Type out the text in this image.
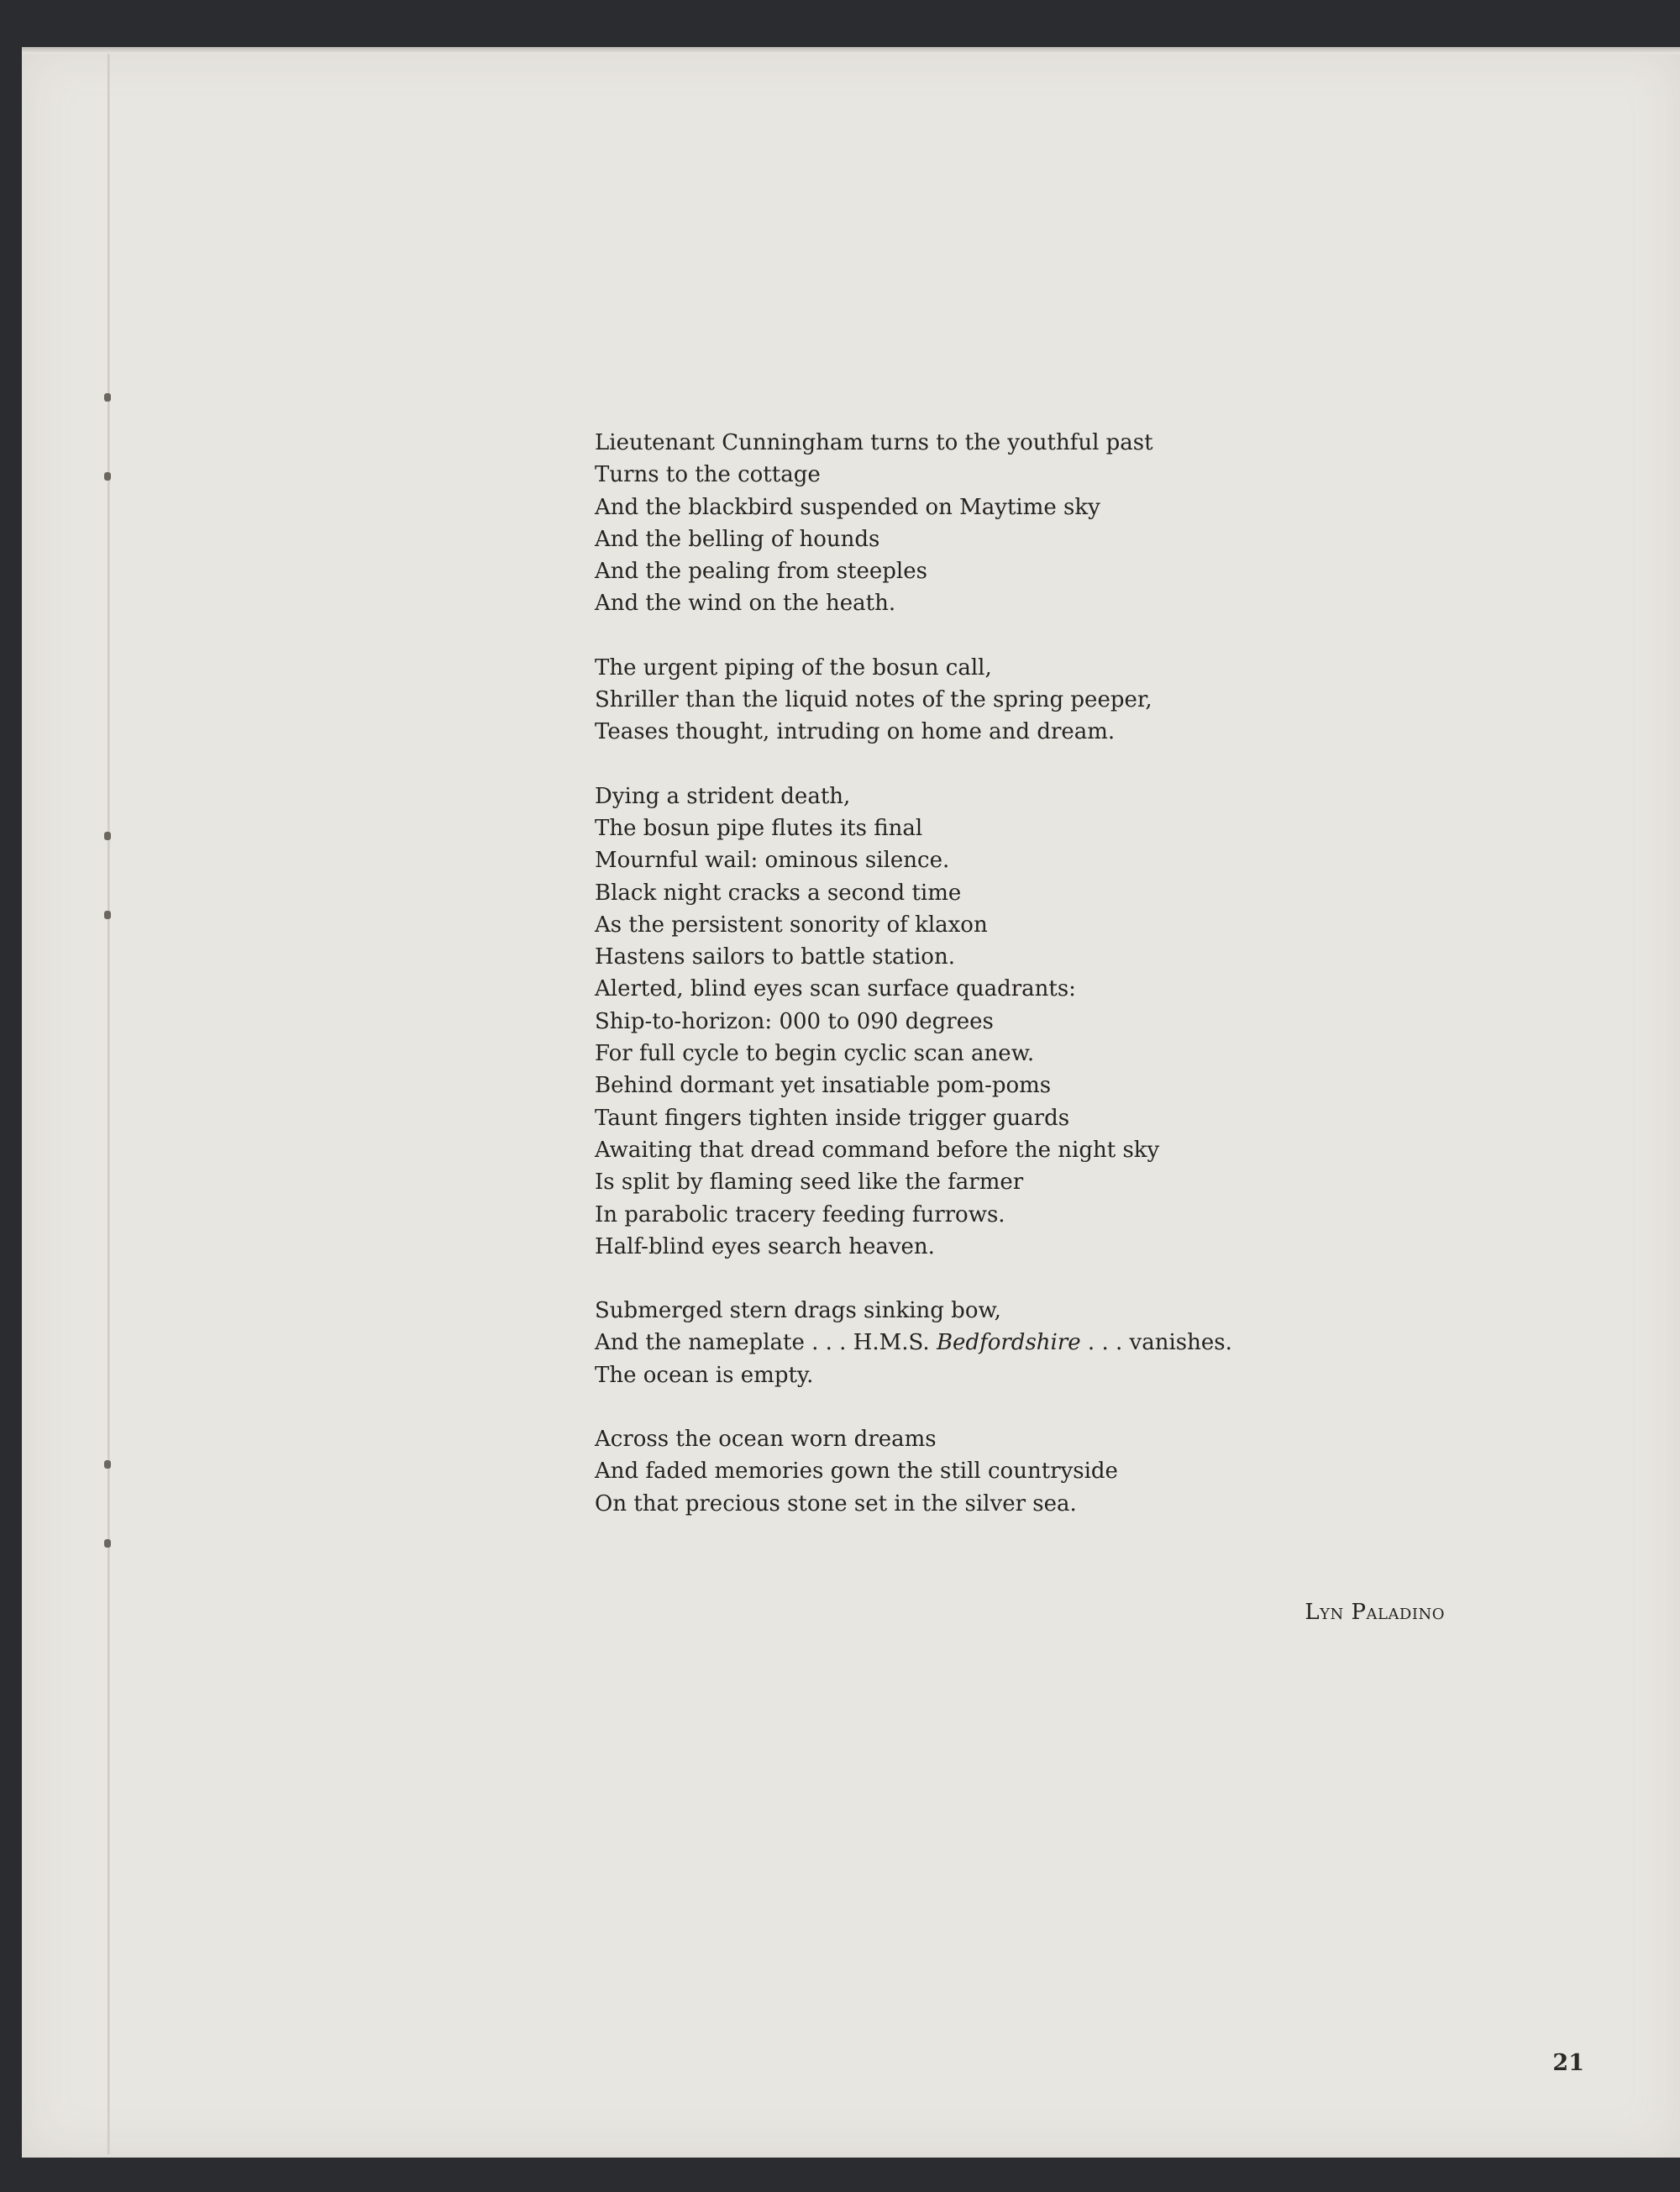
Lieutenant Cunningham turns to the youthful past
Turns to the cottage
And the blackbird suspended on Maytime sky
And the belling of hounds
And the pealing from steeples
And the wind on the heath.
The urgent piping of the bosun call,
Shriller than the liquid notes of the spring peeper,
Teases thought, intruding on home and dream.
Dying a strident death,
The bosun pipe flutes its final
Mournful wail: ominous silence.
Black night cracks a second time
As the persistent sonority of klaxon
Hastens sailors to battle station.
Alerted, blind eyes scan surface quadrants:
Ship-to-horizon: 000 to 090 degrees
For full cycle to begin cyclic scan anew.
Behind dormant yet insatiable pom-poms
Taunt fingers tighten inside trigger guards
Awaiting that dread command before the night sky
Is split by flaming seed like the farmer
In parabolic tracery feeding furrows.
Half-blind eyes search heaven.
Submerged stern drags sinking bow,
And the nameplate . . . H.M.S. Bedfordshire . . . vanishes.
The ocean is empty.
Across the ocean worn dreams
And faded memories gown the still countryside
On that precious stone set in the silver sea.
Lyn Paladino
21
